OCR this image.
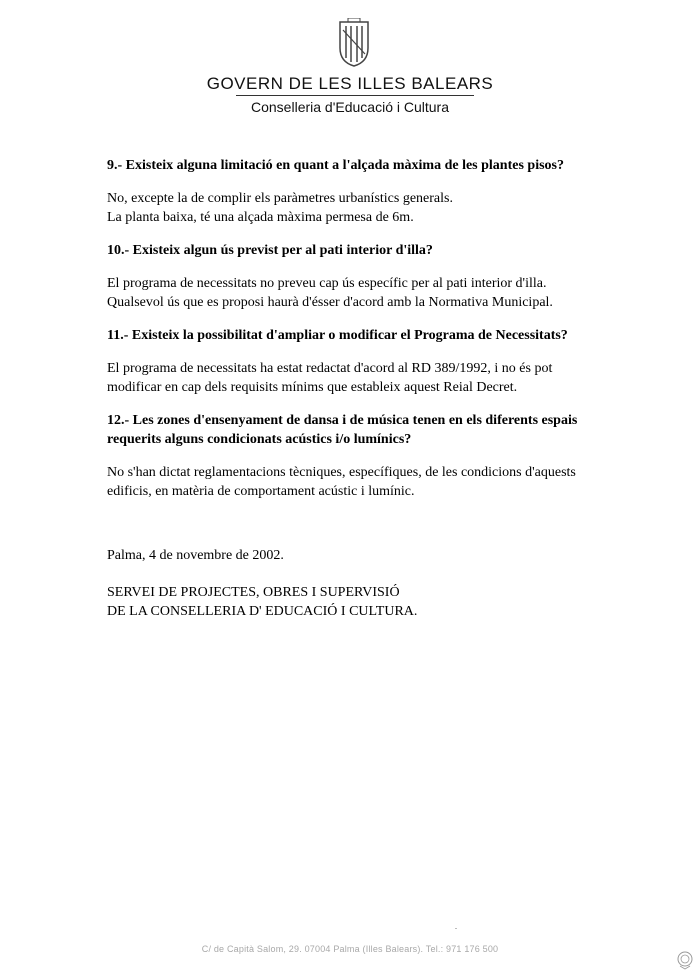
GOVERN DE LES ILLES BALEARS
Conselleria d'Educació i Cultura
9.- Existeix alguna limitació en quant a l'alçada màxima de les plantes pisos?
No, excepte la de complir els paràmetres urbanístics generals.
La planta baixa, té una alçada màxima permesa de 6m.
10.- Existeix algun ús previst per al pati interior d'illa?
El programa de necessitats no preveu cap ús específic per al pati interior d'illa.
Qualsevol ús que es proposi haurà d'ésser d'acord amb la Normativa Municipal.
11.- Existeix la possibilitat d'ampliar o modificar el Programa de Necessitats?
El programa de necessitats ha estat redactat d'acord al RD 389/1992, i no és pot
modificar en cap dels requisits mínims que estableix aquest Reial Decret.
12.- Les zones d'ensenyament de dansa i de música tenen en els diferents espais
requerits alguns condicionats acústics i/o lumínics?
No s'han dictat reglamentacions tècniques, específiques, de les condicions d'aquests
edificis, en matèria de comportament acústic i lumínic.
Palma, 4 de novembre de 2002.
SERVEI DE PROJECTES, OBRES I SUPERVISIÓ
DE LA CONSELLERIA D' EDUCACIÓ I CULTURA.
C/ de Capità Salom, 29. 07004 Palma (Illes Balears). Tel.: 971 176 500
